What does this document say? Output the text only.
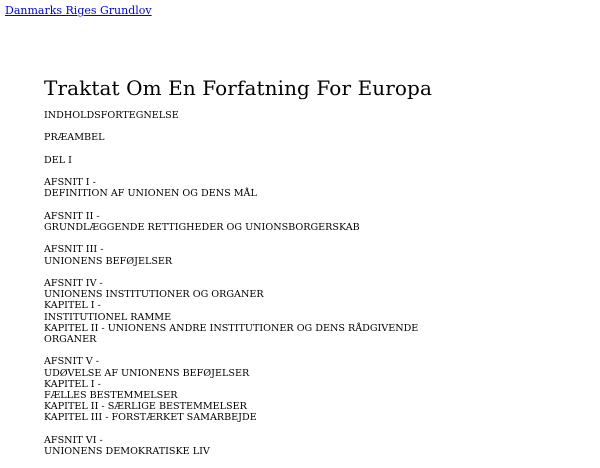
Danmarks Riges Grundlov
Traktat Om En Forfatning For Europa
INDHOLDSFORTEGNELSE
PRÆAMBEL
DEL I
AFSNIT I -
DEFINITION AF UNIONEN OG DENS MÅL
AFSNIT II -
GRUNDLÆGGENDE RETTIGHEDER OG UNIONSBORGERSKAB
AFSNIT III -
UNIONENS BEFØJELSER
AFSNIT IV -
UNIONENS INSTITUTIONER OG ORGANER
KAPITEL I -
INSTITUTIONEL RAMME
KAPITEL II - UNIONENS ANDRE INSTITUTIONER OG DENS RÅDGIVENDE
ORGANER
AFSNIT V -
UDØVELSE AF UNIONENS BEFØJELSER
KAPITEL I -
FÆLLES BESTEMMELSER
KAPITEL II - SÆRLIGE BESTEMMELSER
KAPITEL III - FORSTÆRKET SAMARBEJDE
AFSNIT VI -
UNIONENS DEMOKRATISKE LIV
